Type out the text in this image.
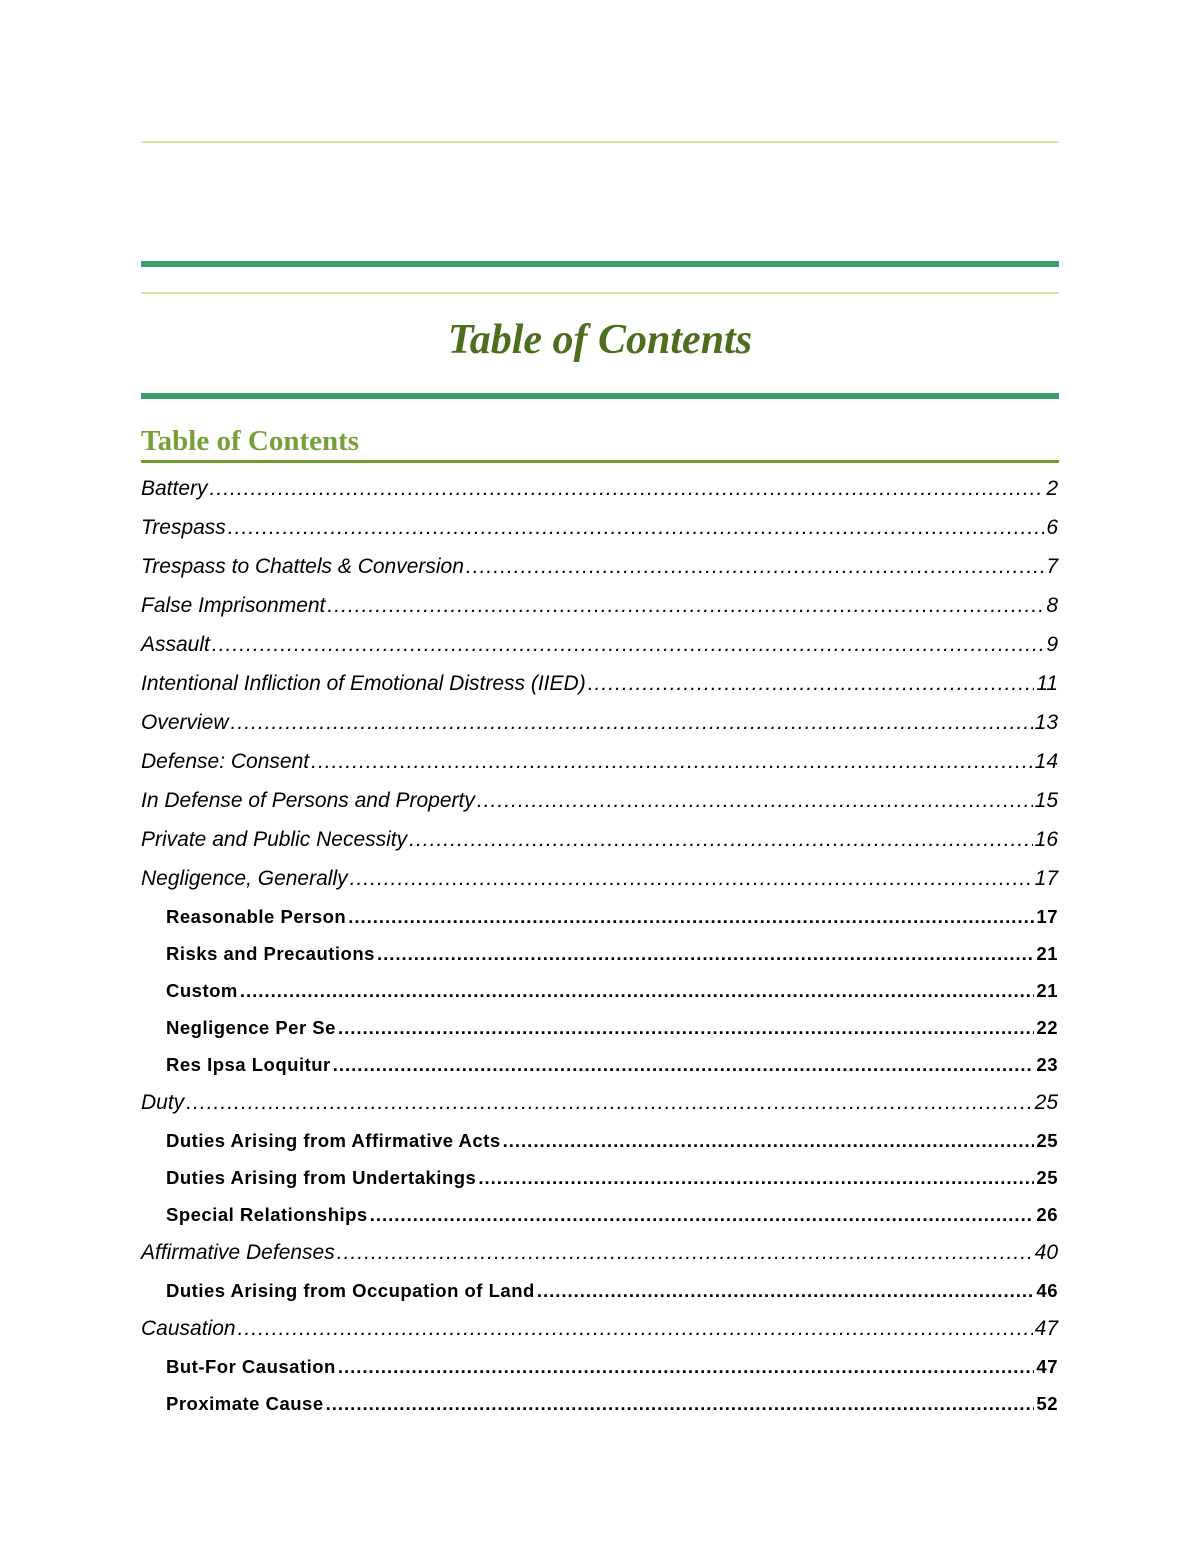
Table of Contents
Table of Contents
Battery .....	2
Trespass .....	6
Trespass to Chattels & Conversion .....	7
False Imprisonment .....	8
Assault .....	9
Intentional Infliction of Emotional Distress (IIED) .....	11
Overview .....	13
Defense: Consent .....	14
In Defense of Persons and Property .....	15
Private and Public Necessity .....	16
Negligence, Generally .....	17
Reasonable Person .....	17
Risks and Precautions .....	21
Custom .....	21
Negligence Per Se .....	22
Res Ipsa Loquitur .....	23
Duty .....	25
Duties Arising from Affirmative Acts .....	25
Duties Arising from Undertakings .....	25
Special Relationships .....	26
Affirmative Defenses .....	40
Duties Arising from Occupation of Land .....	46
Causation .....	47
But-For Causation .....	47
Proximate Cause .....	52
